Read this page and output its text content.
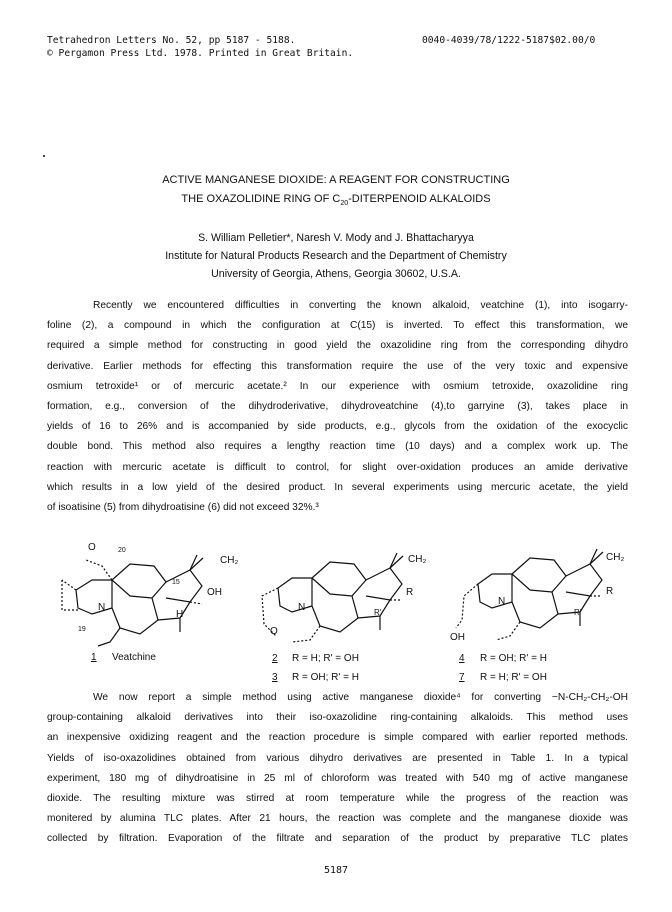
Tetrahedron Letters No. 52, pp 5187 - 5188.
© Pergamon Press Ltd. 1978. Printed in Great Britain.
0040-4039/78/1222-5187$02.00/0
ACTIVE MANGANESE DIOXIDE: A REAGENT FOR CONSTRUCTING
THE OXAZOLIDINE RING OF $C_{20}$-DITERPENOID ALKALOIDS
S. William Pelletier*, Naresh V. Mody and J. Bhattacharyya
Institute for Natural Products Research and the Department of Chemistry
University of Georgia, Athens, Georgia 30602, U.S.A.
Recently we encountered difficulties in converting the known alkaloid, veatchine (1), into isogarry-
foline (2), a compound in which the configuration at C(15) is inverted. To effect this transformation, we
required a simple method for constructing in good yield the oxazolidine ring from the corresponding dihydro
derivative. Earlier methods for effecting this transformation require the use of the very toxic and expensive
osmium tetroxide¹ or of mercuric acetate.² In our experience with osmium tetroxide, oxazolidine ring
formation, e.g., conversion of the dihydroderivative, dihydroveatchine (4),to garryine (3), takes place in
yields of 16 to 26% and is accompanied by side products, e.g., glycols from the oxidation of the exocyclic
double bond. This method also requires a lengthy reaction time (10 days) and a complex work up. The
reaction with mercuric acetate is difficult to control, for slight over-oxidation produces an amide derivative
which results in a low yield of the desired product. In several experiments using mercuric acetate, the yield
of isoatisine (5) from dihydroatisine (6) did not exceed 32%.³
CH₂
OH
H
20
15
19
O
N
CH₂
R
R'
O
N
CH₂
R
R'
OH
N
1 Veatchine	2 R = H; R' = OH
3 R = OH; R' = H
4 R = OH; R' = H
7 R = H; R' = OH
We now report a simple method using active manganese dioxide⁴ for converting −N-CH₂-CH₂-OH
group-containing alkaloid derivatives into their iso-oxazolidine ring-containing alkaloids. This method uses
an inexpensive oxidizing reagent and the reaction procedure is simple compared with earlier reported methods.
Yields of iso-oxazolidines obtained from various dihydro derivatives are presented in Table 1. In a typical
experiment, 180 mg of dihydroatisine in 25 ml of chloroform was treated with 540 mg of active manganese
dioxide. The resulting mixture was stirred at room temperature while the progress of the reaction was
monitered by alumina TLC plates. After 21 hours, the reaction was complete and the manganese dioxide was
collected by filtration. Evaporation of the filtrate and separation of the product by preparative TLC plates
5187
